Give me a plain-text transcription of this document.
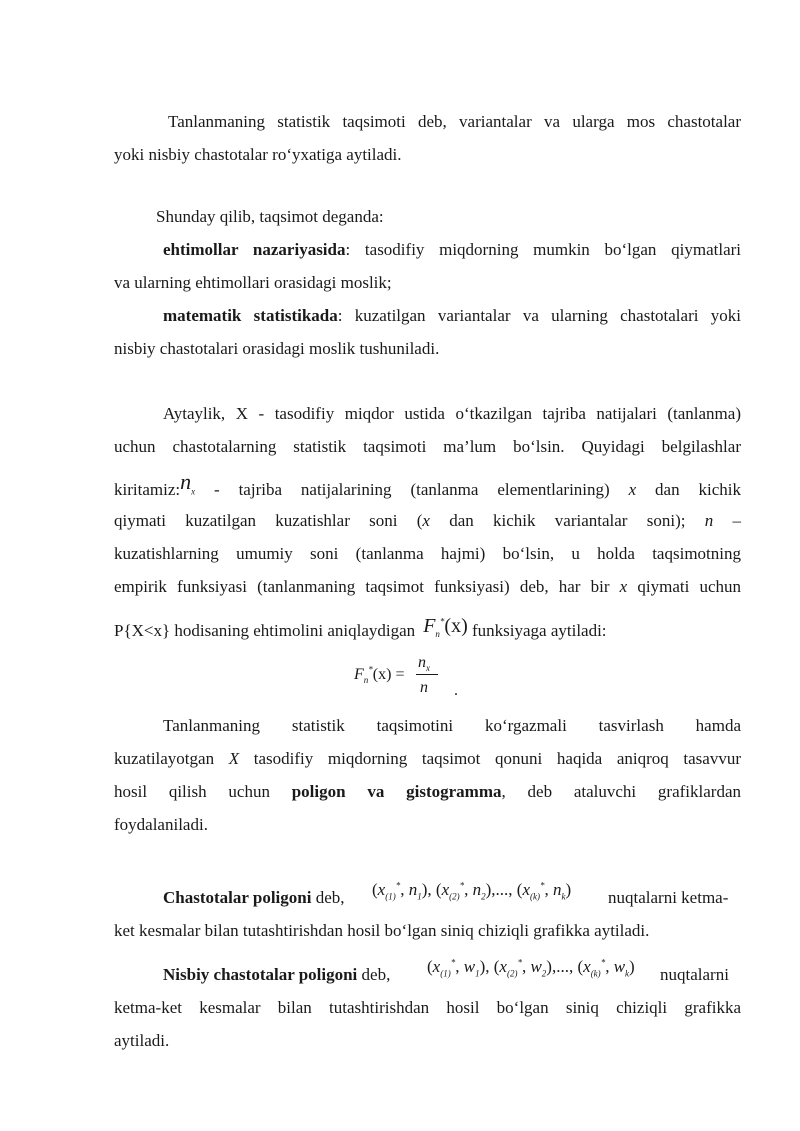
Tanlanmaning statistik taqsimoti deb, variantalar va ularga mos chastotalar
yoki nisbiy chastotalar ro‘yxatiga aytiladi.
Shunday qilib, taqsimot deganda:
ehtimollar nazariyasida: tasodifiy miqdorning mumkin bo‘lgan qiymatlari
va ularning ehtimollari orasidagi moslik;
matematik statistikada: kuzatilgan variantalar va ularning chastotalari yoki
nisbiy chastotalari orasidagi moslik tushuniladi.
Aytaylik, X - tasodifiy miqdor ustida o‘tkazilgan tajriba natijalari (tanlanma)
uchun chastotalarning statistik taqsimoti ma’lum bo‘lsin. Quyidagi belgilashlar
$kiritamiz:n_x$ - tajriba natijalarining (tanlanma elementlarining) x dan kichik
qiymati kuzatilgan kuzatishlar soni (x dan kichik variantalar soni); n –
kuzatishlarning umumiy soni (tanlanma hajmi) bo‘lsin, u holda taqsimotning
empirik funksiyasi (tanlanmaning taqsimot funksiyasi) deb, har bir x qiymati uchun
P{X<x} hodisaning ehtimolini aniqlaydigan $F_n^*(x)$ funksiyaga aytiladi:
$F_n^*(x)$ =
$n_x$
n .
Tanlanmaning statistik taqsimotini ko‘rgazmali tasvirlash hamda
kuzatilayotgan X tasodifiy miqdorning taqsimot qonuni haqida aniqroq tasavvur
hosil qilish uchun poligon va gistogramma, deb ataluvchi grafiklardan
foydalaniladi.
Chastotalar poligoni deb, ($x_{(1)}^*$, $n_1$), ($x_{(2)}^*$, $n_2$),..., ($x_{(k)}^*$, $n_k$) nuqtalarni ketma-
ket kesmalar bilan tutashtirishdan hosil bo‘lgan siniq chiziqli grafikka aytiladi.
Nisbiy chastotalar poligoni deb, ($x_{(1)}^*$, $w_1$), ($x_{(2)}^*$, $w_2$),..., ($x_{(k)}^*$, $w_k$) nuqtalarni
ketma-ket kesmalar bilan tutashtirishdan hosil bo‘lgan siniq chiziqli grafikka
aytiladi.
